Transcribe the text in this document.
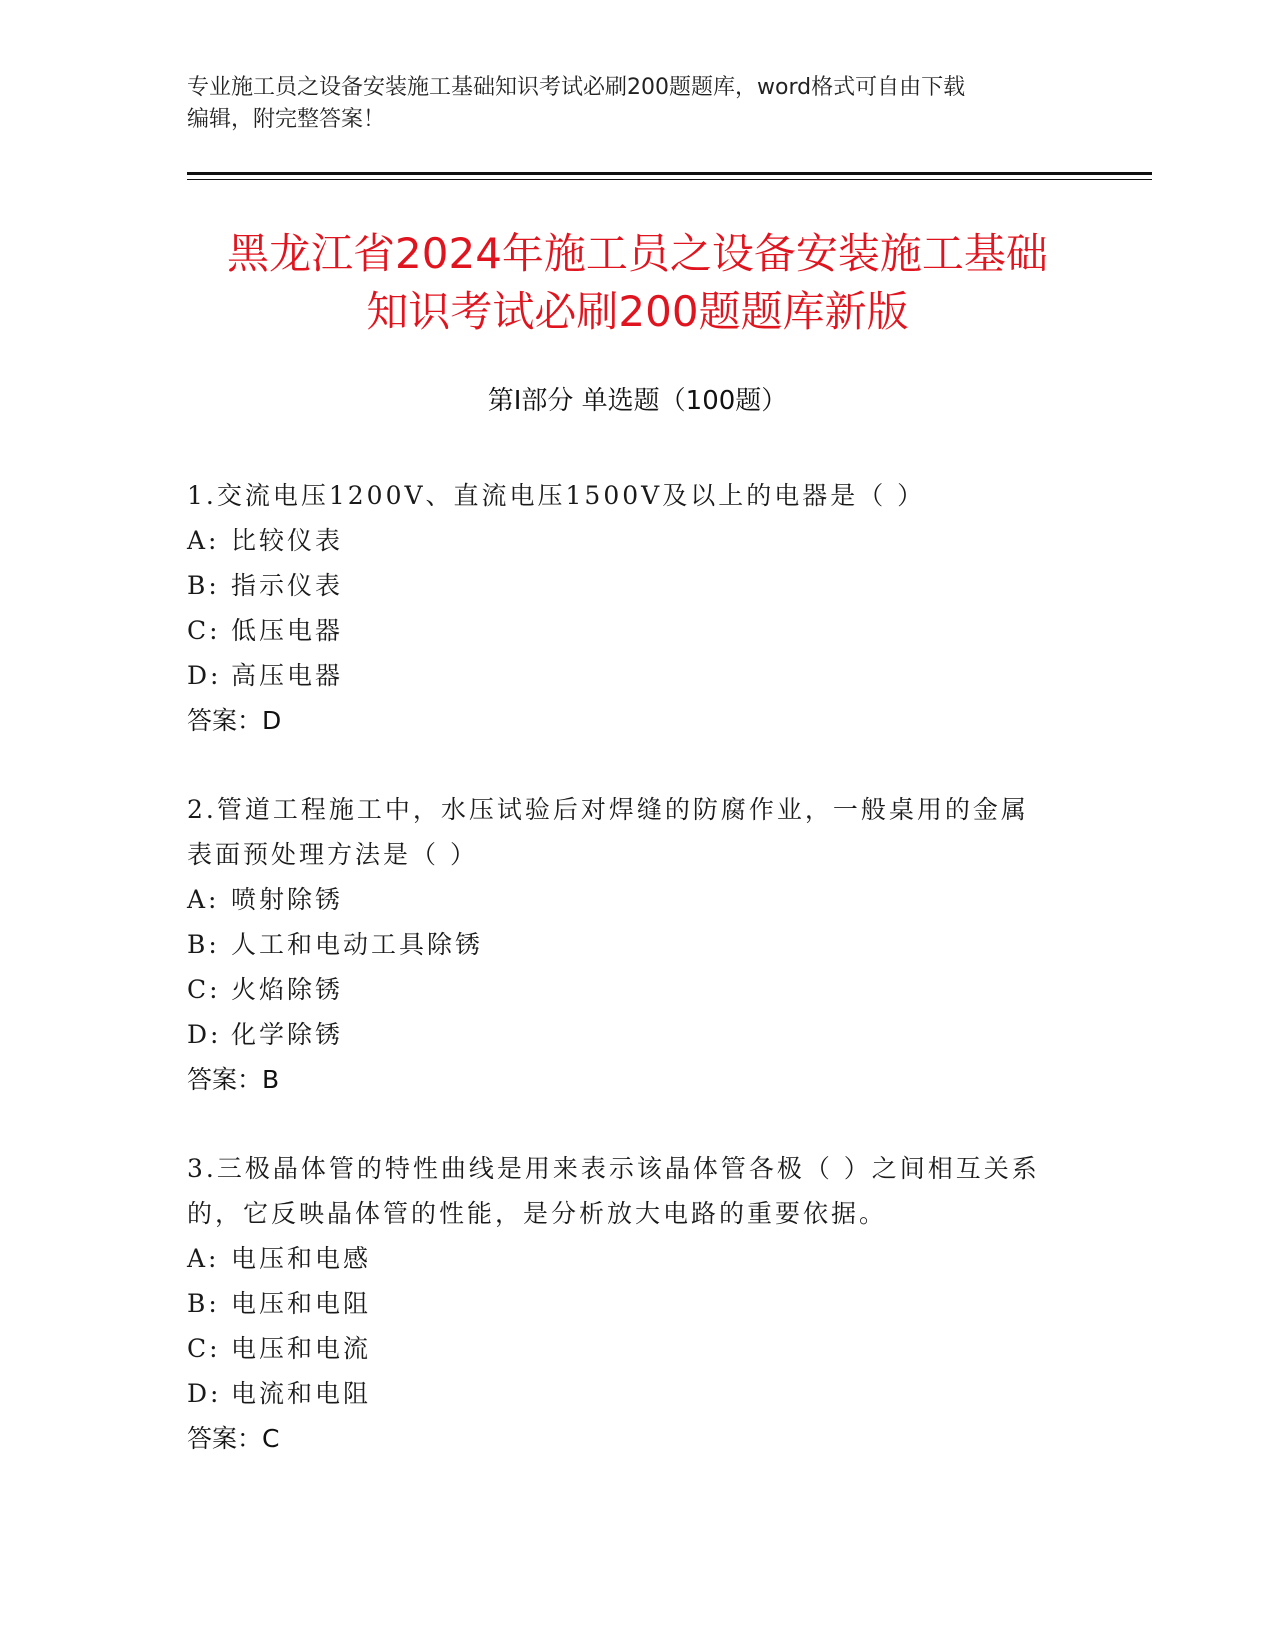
专业施工员之设备安装施工基础知识考试必刷200题题库，word格式可自由下载
编辑，附完整答案！
黑龙江省2024年施工员之设备安装施工基础
知识考试必刷200题题库新版
第Ⅰ部分 单选题（100题）
1.交流电压1200V、直流电压1500V及以上的电器是（ ）
A: 比较仪表
B: 指示仪表
C: 低压电器
D: 高压电器
答案：D
2.管道工程施工中，水压试验后对焊缝的防腐作业，一般桌用的金属
表面预处理方法是（ ）
A: 喷射除锈
B: 人工和电动工具除锈
C: 火焰除锈
D: 化学除锈
答案：B
3.三极晶体管的特性曲线是用来表示该晶体管各极（ ）之间相互关系
的，它反映晶体管的性能，是分析放大电路的重要依据。
A: 电压和电感
B: 电压和电阻
C: 电压和电流
D: 电流和电阻
答案：C
